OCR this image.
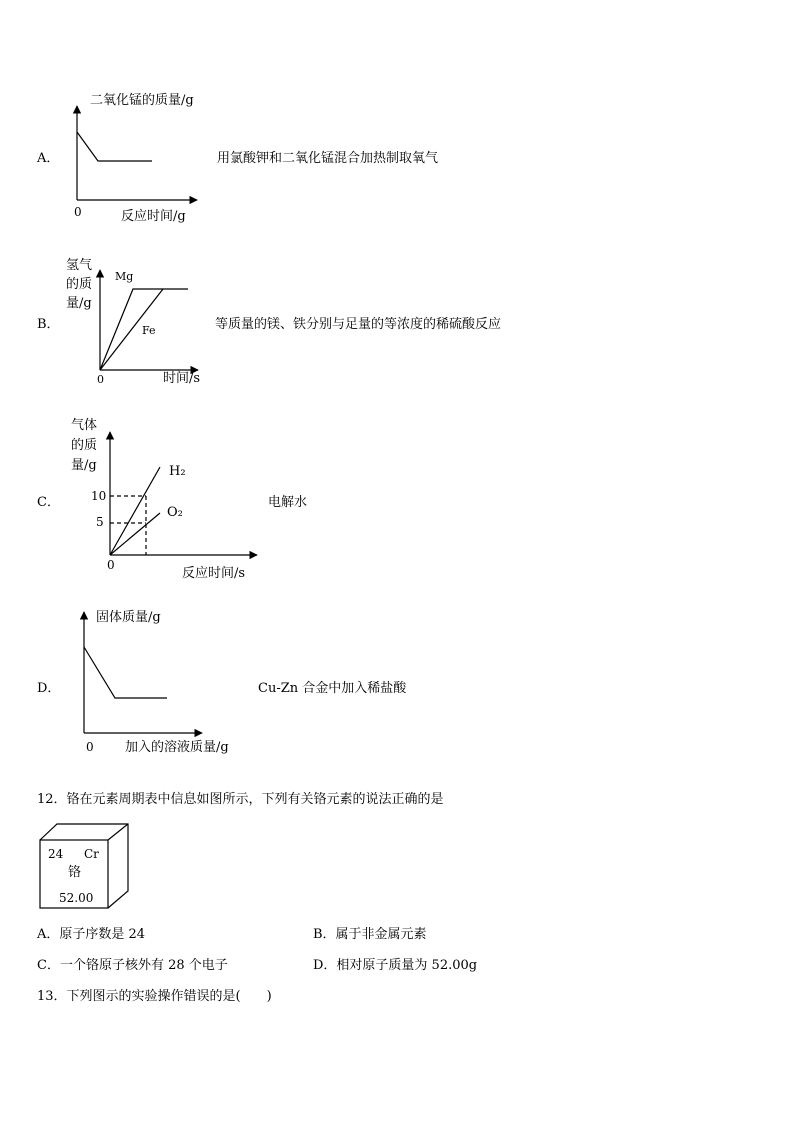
A．
二氧化锰的质量/g
0	反应时间/g
用氯酸钾和二氧化锰混合加热制取氧气
B．
氢气
的质
量/g
Mg
Fe
0	时间/s
等质量的镁、铁分别与足量的等浓度的稀硫酸反应
C．
气体
的质
量/g	H₂
O₂
10
5
0
反应时间/s
电解水
D．
固体质量/g
0 加入的溶液质量/g
Cu-Zn 合金中加入稀盐酸
12．铬在元素周期表中信息如图所示，下列有关铬元素的说法正确的是
24 Cr
铬
52.00
A．原子序数是 24	B．属于非金属元素
C．一个铬原子核外有 28 个电子	D．相对原子质量为 52.00g
13．下列图示的实验操作错误的是(　　)
